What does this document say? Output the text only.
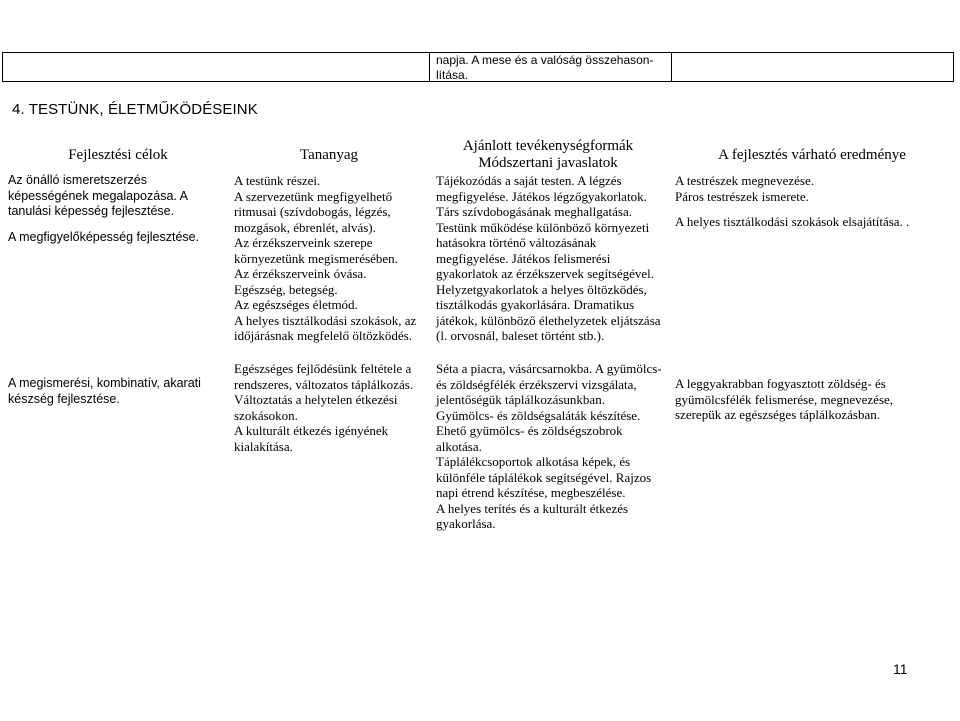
napja. A mese és a valóság összehason-lítása.
4. TESTÜNK, ÉLETMŰKÖDÉSEINK
Fejlesztési célok	Tananyag
Ajánlott tevékenységformák
Módszertani javaslatok	A fejlesztés várható eredménye

Az önálló ismeretszerzés képességének megalapozása. A tanulási képesség fejlesztése.

A megfigyelőképesség fejlesztése.

A testünk részei.

A szervezetünk megfigyelhető ritmusai (szívdobogás, légzés, mozgások, ébrenlét, alvás).

Az érzékszerveink szerepe környezetünk megismerésében.

Az érzékszerveink óvása.

Egészség, betegség.

Az egészséges életmód.

A helyes tisztálkodási szokások, az időjárásnak megfelelő öltözködés.

Tájékozódás a saját testen. A légzés megfigyelése. Játékos légzőgyakorlatok.

Társ szívdobogásának meghallgatása.

Testünk működése különböző környezeti hatásokra történő változásának megfigyelése. Játékos felismerési gyakorlatok az érzékszervek segítségével.

Helyzetgyakorlatok a helyes öltözködés, tisztálkodás gyakorlására. Dramatikus játékok, különböző élethelyzetek eljátszása (l. orvosnál, baleset történt stb.).

A testrészek megnevezése.

Páros testrészek ismerete.

A helyes tisztálkodási szokások elsajátítása. .

A megismerési, kombinatív, akarati készség fejlesztése.

Egészséges fejlődésünk feltétele a rendszeres, változatos táplálkozás.

Változtatás a helytelen étkezési szokásokon.

A kulturált étkezés igényének kialakítása.

Séta a piacra, vásárcsarnokba. A gyümölcs- és zöldségfélék érzékszervi vizsgálata, jelentőségük táplálkozásunkban.

Gyümölcs- és zöldségsaláták készítése.

Ehető gyümölcs- és zöldségszobrok alkotása.

Táplálékcsoportok alkotása képek, és különféle táplálékok segítségével. Rajzos napi étrend készítése, megbeszélése.

A helyes terítés és a kulturált étkezés gyakorlása.

A leggyakrabban fogyasztott zöldség- és gyümölcsfélék felismerése, megnevezése, szerepük az egészséges táplálkozásban.
11
